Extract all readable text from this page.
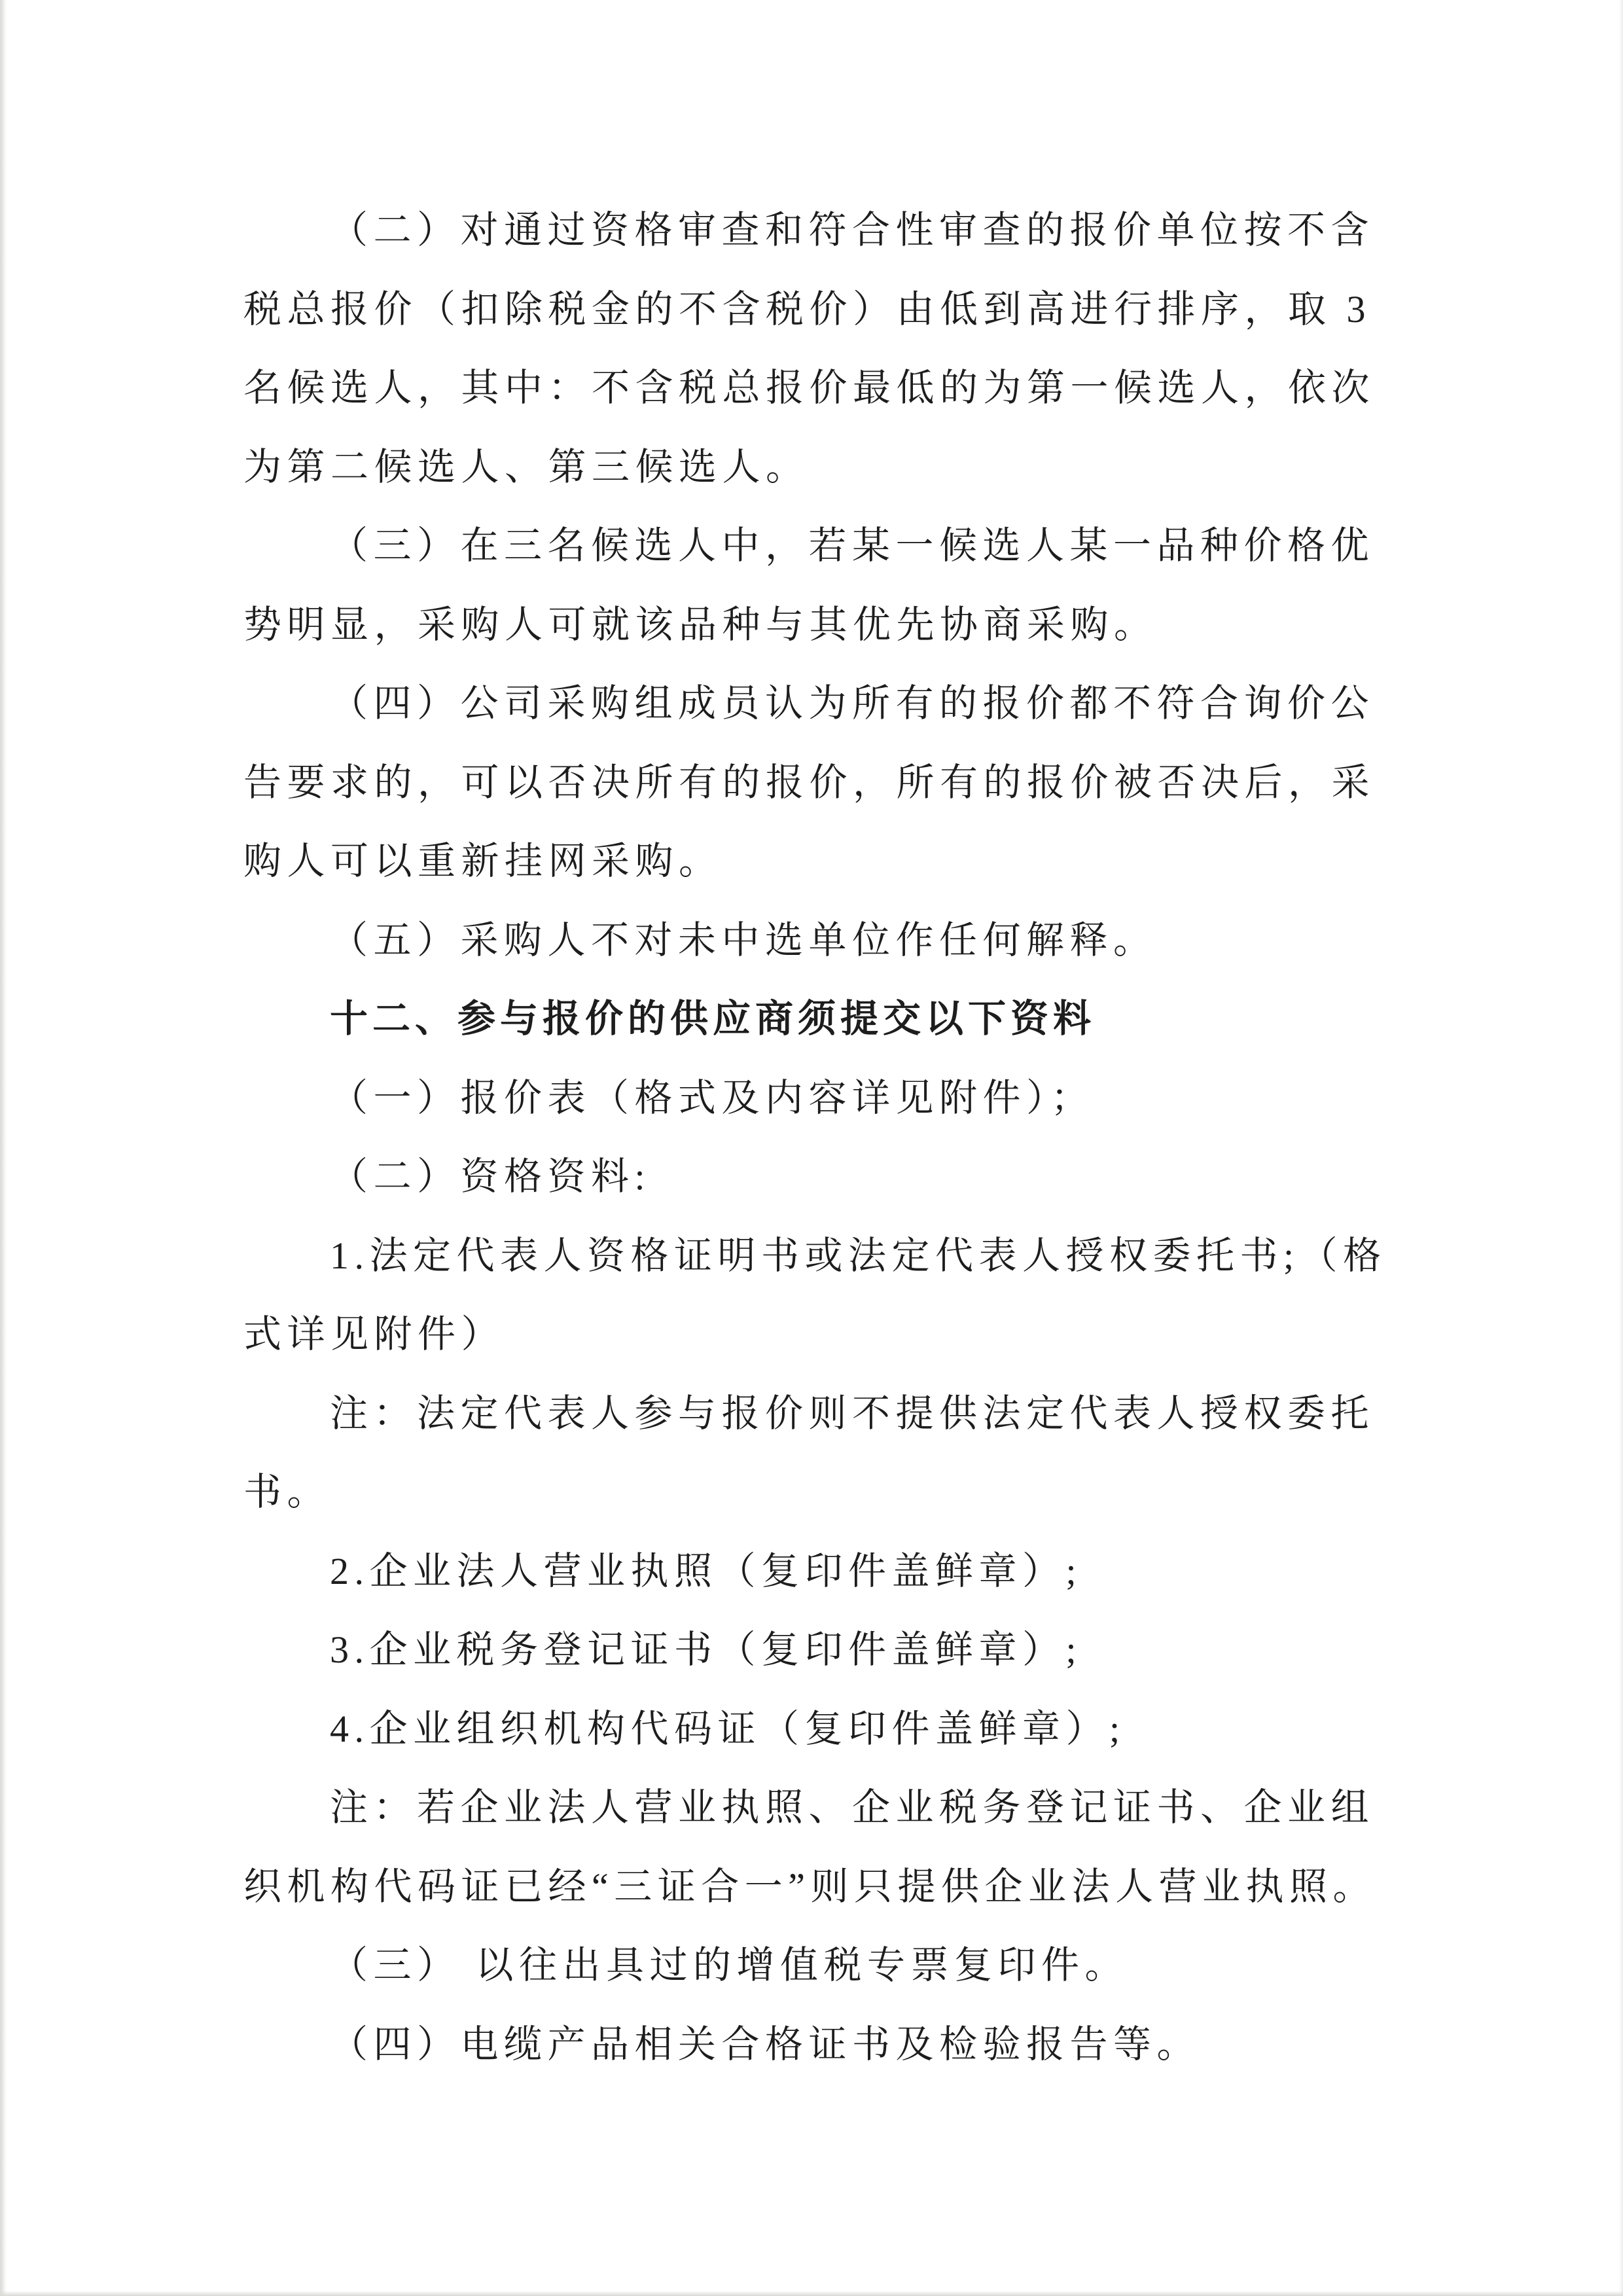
（二）对通过资格审查和符合性审查的报价单位按不含
税总报价（扣除税金的不含税价）由低到高进行排序，取 3
名候选人，其中：不含税总报价最低的为第一候选人，依次
为第二候选人、第三候选人。
（三）在三名候选人中，若某一候选人某一品种价格优
势明显，采购人可就该品种与其优先协商采购。
（四）公司采购组成员认为所有的报价都不符合询价公
告要求的，可以否决所有的报价，所有的报价被否决后，采
购人可以重新挂网采购。
（五）采购人不对未中选单位作任何解释。
十二、参与报价的供应商须提交以下资料
（一）报价表（格式及内容详见附件）；
（二）资格资料:
1.法定代表人资格证明书或法定代表人授权委托书;（格
式详见附件）
注：法定代表人参与报价则不提供法定代表人授权委托
书。
2.企业法人营业执照（复印件盖鲜章）;
3.企业税务登记证书（复印件盖鲜章）;
4.企业组织机构代码证（复印件盖鲜章）;
注：若企业法人营业执照、企业税务登记证书、企业组
织机构代码证已经“三证合一”则只提供企业法人营业执照。
（三） 以往出具过的增值税专票复印件。
（四）电缆产品相关合格证书及检验报告等。
